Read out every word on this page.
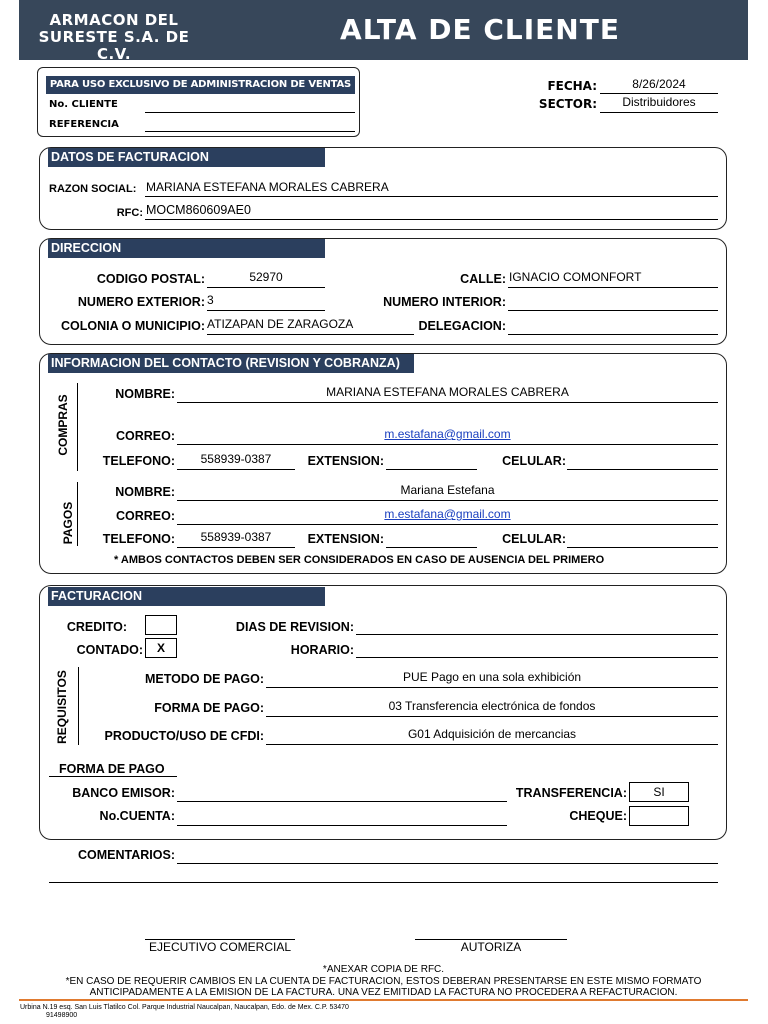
ARMACON DEL
SURESTE S.A. DE C.V.
ALTA DE CLIENTE
PARA USO EXCLUSIVO DE ADMINISTRACION DE VENTAS
No. CLIENTE
REFERENCIA
FECHA:	8/26/2024
SECTOR:	Distribuidores
DATOS DE FACTURACION
RAZON SOCIAL: MARIANA ESTEFANA MORALES CABRERA
RFC: MOCM860609AE0
DIRECCION
CODIGO POSTAL:	52970	CALLE: IGNACIO COMONFORT
NUMERO EXTERIOR: 3	NUMERO INTERIOR:
COLONIA O MUNICIPIO: ATIZAPAN DE ZARAGOZA	DELEGACION:
INFORMACION DEL CONTACTO (REVISION Y COBRANZA)
COMPRAS
NOMBRE:	MARIANA ESTEFANA MORALES CABRERA
CORREO:	m.estafana@gmail.com
TELEFONO:	558939-0387	EXTENSION:	CELULAR:
PAGOS
NOMBRE:	Mariana Estefana
CORREO:	m.estafana@gmail.com
TELEFONO:	558939-0387	EXTENSION:	CELULAR:
* AMBOS CONTACTOS DEBEN SER CONSIDERADOS EN CASO DE AUSENCIA DEL PRIMERO
FACTURACION
CREDITO:
CONTADO:	X
DIAS DE REVISION:
HORARIO:
REQUISITOS	METODO DE PAGO:	PUE Pago en una sola exhibición
FORMA DE PAGO:	03 Transferencia electrónica de fondos
PRODUCTO/USO DE CFDI:	G01 Adquisición de mercancias
FORMA DE PAGO
BANCO EMISOR:
No.CUENTA:
TRANSFERENCIA:	SI
CHEQUE:
COMENTARIOS:
EJECUTIVO COMERCIAL	AUTORIZA
*ANEXAR COPIA DE RFC.
*EN CASO DE REQUERIR CAMBIOS EN LA CUENTA DE FACTURACION, ESTOS DEBERAN PRESENTARSE EN ESTE MISMO FORMATO
ANTICIPADAMENTE A LA EMISION DE LA FACTURA. UNA VEZ EMITIDAD LA FACTURA NO PROCEDERA A REFACTURACION.
Urbina N.19 esq. San Luis Tlatilco Col. Parque Industrial Naucalpan, Naucalpan, Edo. de Mex. C.P. 53470
91498900
